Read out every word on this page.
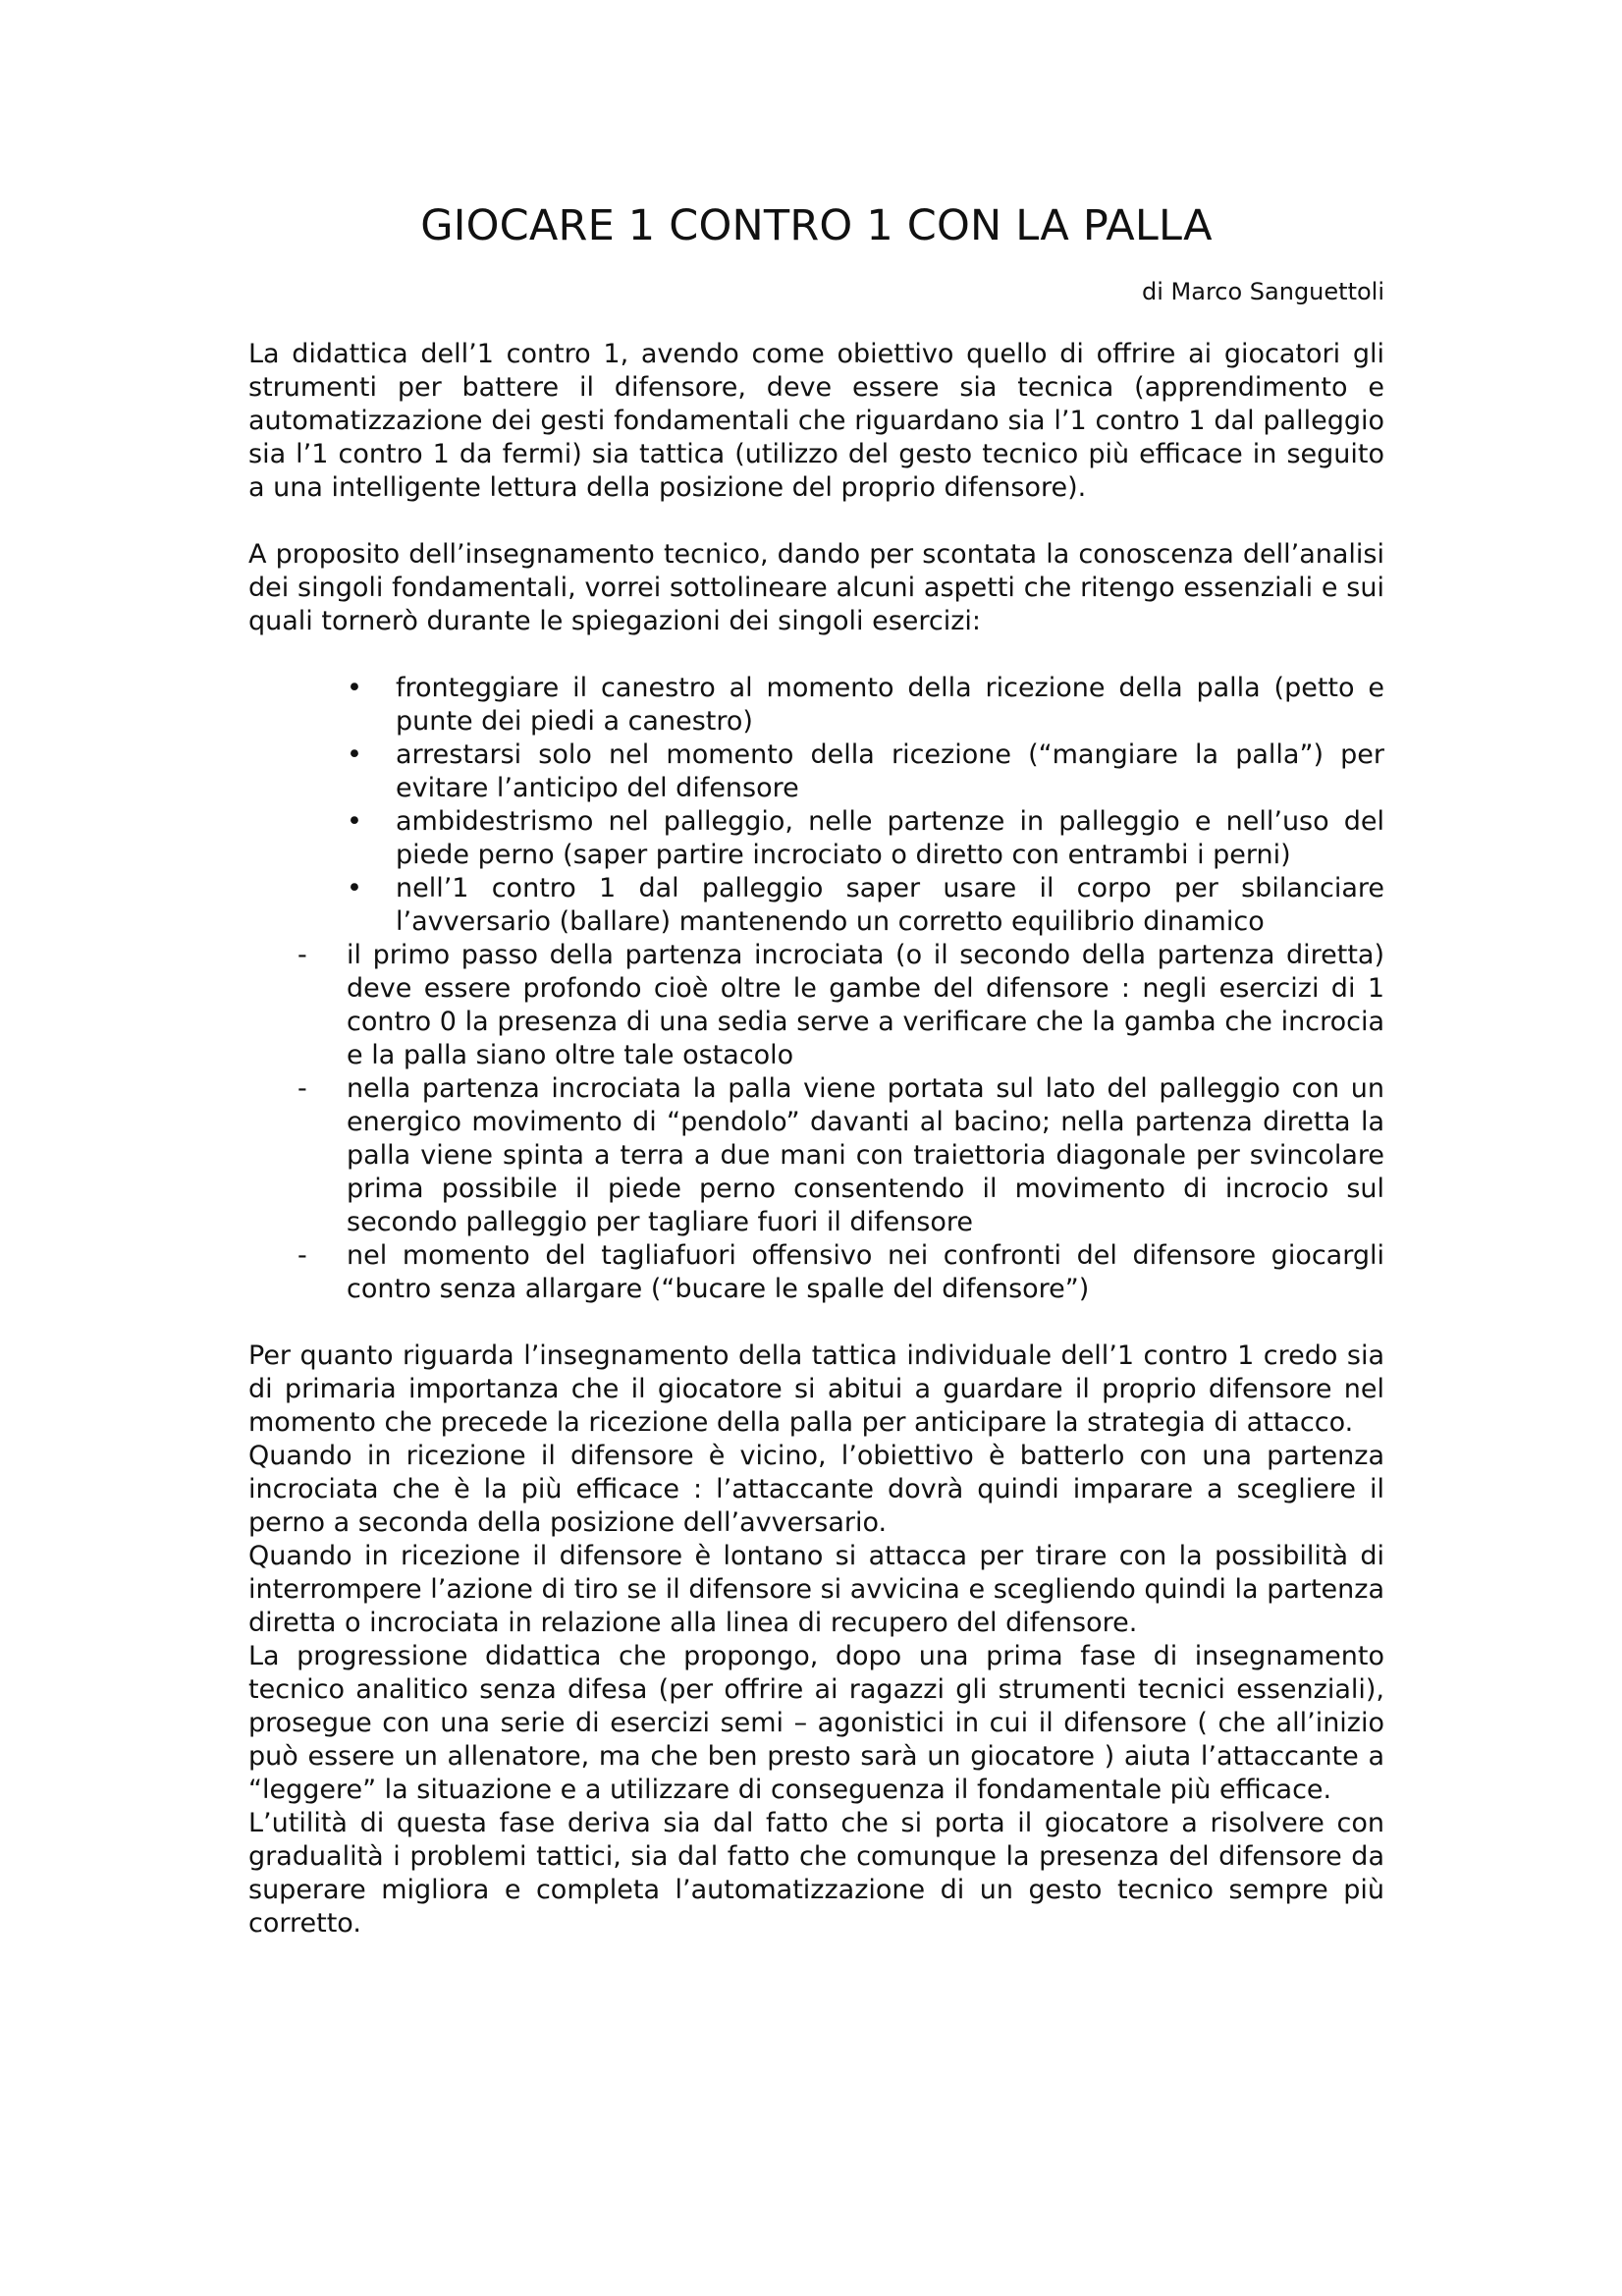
GIOCARE 1 CONTRO 1 CON LA PALLA
di Marco Sanguettoli

La didattica dell’1 contro 1, avendo come obiettivo quello di offrire ai giocatori gli strumenti per battere il difensore, deve essere sia tecnica (apprendimento e automatizzazione dei gesti fondamentali che riguardano sia l’1 contro 1 dal palleggio sia l’1 contro 1 da fermi) sia tattica (utilizzo del gesto tecnico più efficace in seguito a una intelligente lettura della posizione del proprio difensore).

A proposito dell’insegnamento tecnico, dando per scontata la conoscenza dell’analisi dei singoli fondamentali, vorrei sottolineare alcuni aspetti che ritengo essenziali e sui quali tornerò durante le spiegazioni dei singoli esercizi:

• fronteggiare il canestro al momento della ricezione della palla (petto e punte dei piedi a canestro)
• arrestarsi solo nel momento della ricezione (“mangiare la palla”) per evitare l’anticipo del difensore
• ambidestrismo nel palleggio, nelle partenze in palleggio e nell’uso del piede perno (saper partire incrociato o diretto con entrambi i perni)
• nell’1 contro 1 dal palleggio saper usare il corpo per sbilanciare l’avversario (ballare) mantenendo un corretto equilibrio dinamico
- il primo passo della partenza incrociata (o il secondo della partenza diretta) deve essere profondo cioè oltre le gambe del difensore : negli esercizi di 1 contro 0 la presenza di una sedia serve a verificare che la gamba che incrocia e la palla siano oltre tale ostacolo
- nella partenza incrociata la palla viene portata sul lato del palleggio con un energico movimento di “pendolo” davanti al bacino; nella partenza diretta la palla viene spinta a terra a due mani con traiettoria diagonale per svincolare prima possibile il piede perno consentendo il movimento di incrocio sul secondo palleggio per tagliare fuori il difensore
- nel momento del tagliafuori offensivo nei confronti del difensore giocargli contro senza allargare (“bucare le spalle del difensore”)

Per quanto riguarda l’insegnamento della tattica individuale dell’1 contro 1 credo sia di primaria importanza che il giocatore si abitui a guardare il proprio difensore nel momento che precede la ricezione della palla per anticipare la strategia di attacco.

Quando in ricezione il difensore è vicino, l’obiettivo è batterlo con una partenza incrociata che è la più efficace : l’attaccante dovrà quindi imparare a scegliere il perno a seconda della posizione dell’avversario.

Quando in ricezione il difensore è lontano si attacca per tirare con la possibilità di interrompere l’azione di tiro se il difensore si avvicina e scegliendo quindi la partenza diretta o incrociata in relazione alla linea di recupero del difensore.

La progressione didattica che propongo, dopo una prima fase di insegnamento tecnico analitico senza difesa (per offrire ai ragazzi gli strumenti tecnici essenziali), prosegue con una serie di esercizi semi – agonistici in cui il difensore ( che all’inizio può essere un allenatore, ma che ben presto sarà un giocatore ) aiuta l’attaccante a “leggere” la situazione e a utilizzare di conseguenza il fondamentale più efficace.

L’utilità di questa fase deriva sia dal fatto che si porta il giocatore a risolvere con gradualità i problemi tattici, sia dal fatto che comunque la presenza del difensore da superare migliora e completa l’automatizzazione di un gesto tecnico sempre più corretto.
